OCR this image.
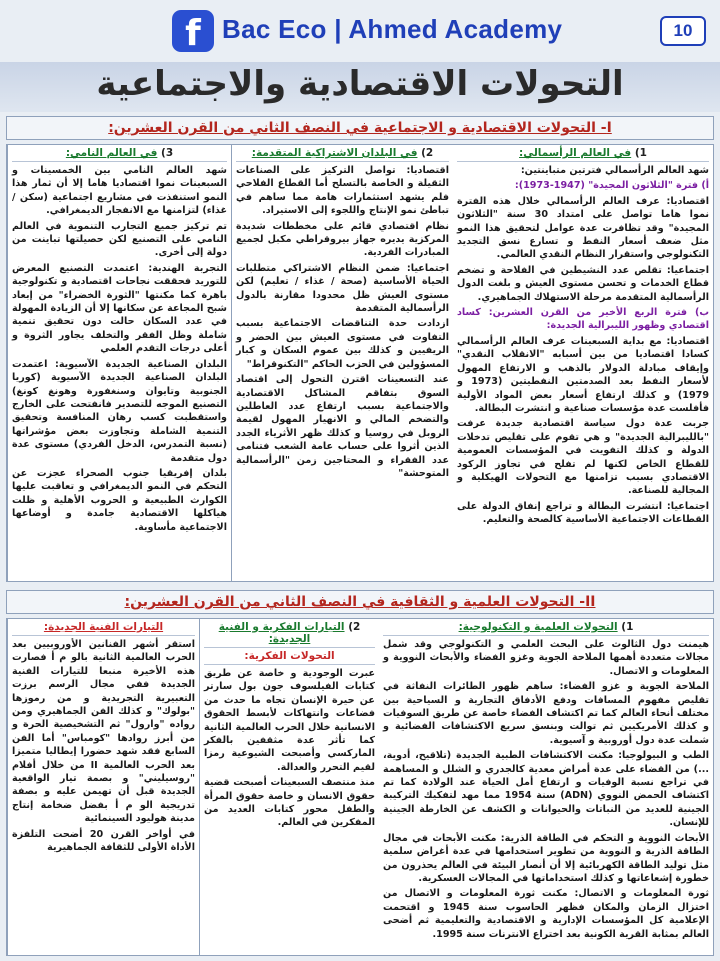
f Bac Eco | Ahmed Academy	10
التحولات الاقتصادية والاجتماعية
I- التحولات الاقتصادية و الاجتماعية في النصف الثاني من القرن العشرين:
1) في العالم الرأسمالي:
شهد العالم الرأسمالي فترتين متباينتين:
أ) فترة "الثلاثون المجيدة" (1947-1973):
اقتصاديا: عرف العالم الرأسمالي خلال هذه الفترة نموا هاما تواصل على امتداد 30 سنة "الثلاثون المجيدة" وقد تظافرت عدة عوامل لتحقيق هذا النمو مثل ضعف أسعار النفط و تسارع نسق التجديد التكنولوجي واستقرار النظام النقدي العالمي.
اجتماعيا: تقلص عدد النشيطين في الفلاحة و تضخم قطاع الخدمات و تحسن مستوى العيش و بلغت الدول الرأسمالية المتقدمة مرحلة الاستهلاك الجماهيري.
ب) فترة الربع الأخير من القرن العشرين: كساد اقتصادي وظهور الليبرالية الجديدة:
اقتصاديا: مع بداية السبعينات عرف العالم الرأسمالي كسادا اقتصاديا من بين أسبابه "الانقلاب النقدي" وإيقاف مبادلة الدولار بالذهب و الارتفاع المهول لأسعار النفط بعد الصدمتين النفطيتين (1973 و 1979) و كذلك ارتفاع أسعار بعض المواد الأولية فأفلست عدة مؤسسات صناعية و انتشرت البطالة.
جربت عدة دول سياسة اقتصادية جديدة عرفت "بالليبرالية الجديدة" و هي تقوم على تقليص تدخلات الدولة و كذلك التفويت في المؤسسات العمومية للقطاع الخاص لكنها لم تفلح في تجاوز الركود الاقتصادي بسبب تزامنها مع التحولات الهيكلية و المجالية للصناعة.
اجتماعيا: انتشرت البطالة و تراجع إنفاق الدولة على القطاعات الاجتماعية الأساسية كالصحة والتعليم.
2) في البلدان الاشتراكية المتقدمة:
اقتصاديا: تواصل التركيز على الصناعات الثقيلة و الخاصة بالتسلح أما القطاع الفلاحي فلم يشهد استثمارات هامة مما ساهم في تباطئ نمو الإنتاج واللجوء إلى الاستيراد.
نظام اقتصادي قائم على مخططات شديدة المركزية يديره جهاز بيروقراطي مكبل لجميع المبادرات الفردية.
اجتماعيا: ضمن النظام الاشتراكي متطلبات الحياة الأساسية (صحة / غذاء / تعليم) لكن مستوى العيش ظل محدودا مقارنة بالدول الرأسمالية المتقدمة
ازدادت حدة التناقضات الاجتماعية بسبب التفاوت في مستوى العيش بين الحضر و الريفيين و كذلك بين عموم السكان و كبار المسؤولين في الحزب الحاكم "التكنوقراط"
عند التسعينات اقترن التحول إلى اقتصاد السوق بتفاقم المشاكل الاقتصادية والاجتماعية بسبب ارتفاع عدد العاطلين والتضخم المالي و الانهيار المهول لقيمة الروبل في روسيا و كذلك ظهر الأثرياء الجدد الذين أثروا على حساب عامة الشعب فتنامى عدد الفقراء و المحتاجين زمن "الرأسمالية المتوحشة"
3) في العالم النامي:
شهد العالم النامي بين الخمسينات و السبعينات نموا اقتصاديا هاما إلا أن ثمار هذا النمو استنفذت في مشاريع اجتماعية (سكن / غذاء) لتزامنها مع الانفجار الديمغرافي.
تم تركيز جميع التجارب التنموية في العالم النامي على التصنيع لكن حصيلتها تباينت من دولة إلى أخرى.
التجربة الهندية: اعتمدت التصنيع المعرض للتوريد فحققت نجاحات اقتصادية و تكنولوجية باهرة كما مكنتها "الثورة الخضراء" من إبعاد شبح المجاعة عن سكانها إلا أن الزيادة المهولة في عدد السكان حالت دون تحقيق تنمية شاملة وظل الفقر والتخلف يجاور الثروة و أعلى درجات التقدم العلمي
البلدان الصناعية الجديدة الآسيوية: اعتمدت البلدان الصناعية الجديدة الآسيوية (كوريا الجنوبية وتايوان وسنغفورة وهونغ كونغ) التصنيع الموجه للتصدير فانفتحت على الخارج واستقطبت كسب رهان المنافسة وتحقيق التنمية الشاملة وتجاوزت بعض مؤشراتها (نسبة التمدرس، الدخل الفردي) مستوى عدة دول متقدمة
بلدان إفريقيا جنوب الصحراء عجزت عن التحكم في النمو الديمغرافي و تعاقبت عليها الكوارث الطبيعية و الحروب الأهلية و ظلت هياكلها الاقتصادية جامدة و أوضاعها الاجتماعية مأساوية.
II- التحولات العلمية و الثقافية في النصف الثاني من القرن العشرين:
1) التحولات العلمية و التكنولوجية:
هيمنت دول الثالوث على البحث العلمي و التكنولوجي وقد شمل مجالات متعددة أهمها الملاحة الجوية وغزو الفضاء والأبحاث النووية و المعلومات و الاتصال.
الملاحة الجوية و غزو الفضاء: ساهم ظهور الطائرات النفاثة في تقليص مفهوم المسافات ودفع الأدفاق التجارية و السياحية بين مختلف أنحاء العالم كما تم اكتشاف الفضاء خاصة عن طريق السوفيات و كذلك الأمريكيين ثم توالت وبنسق سريع الاكتشافات الفضائية و شملت عدة دول أوروبية و آسيوية.
الطب و البيولوجيا: مكنت الاكتشافات الطبية الجديدة (تلاقيح، أدوية، ...) من القضاء على عدة أمراض معدية كالجدري و الشلل و المساهمة في تراجع نسبة الوفيات و ارتفاع أمل الحياة عند الولادة كما تم اكتشاف الحمض النووي (ADN) سنة 1954 مما مهد لتفكيك التركيبة الجينية للعديد من النباتات والحيوانات و الكشف عن الخارطة الجينية للإنسان.
الأبحاث النووية و التحكم في الطاقة الذرية: مكنت الأبحاث في مجال الطاقة الذرية و النووية من تطوير استخدامها في عدة أغراض سلمية مثل توليد الطاقة الكهربائية إلا أن أنصار البيئة في العالم يحذرون من خطورة إشعاعاتها و كذلك استخداماتها في المجالات العسكرية.
ثورة المعلومات و الاتصال: مكنت ثورة المعلومات و الاتصال من اختزال الزمان والمكان فظهر الحاسوب سنة 1945 و اقتحمت الإعلامية كل المؤسسات الإدارية و الاقتصادية والتعليمية ثم أضحى العالم بمثابة القرية الكونية بعد اختراع الانترنات سنة 1995.
2) التيارات الفكرية و الفنية الجديدة:
التحولات الفكرية:
عبرت الوجودية و خاصة عن طريق كتابات الفيلسوف جون بول سارتر عن حيرة الإنسان تجاه ما حدث من فضاعات وانتهاكات لأبسط الحقوق الانسانية خلال الحرب العالمية الثانية كما تأثر عدة مثقفين بالفكر الماركسي وأصبحت الشيوعية رمزا لقيم التحرر والعدالة.
منذ منتصف السبعينات أصبحت قضية حقوق الانسان و خاصة حقوق المرأة والطفل محور كتابات العديد من المفكرين في العالم.
التيارات الفنية الجديدة:
استقر أشهر الفنانين الأوروبيين بعد الحرب العالمية الثانية بالو م أ فصارت هذه الأخيرة منبعا للتيارات الفنية الجديدة ففي مجال الرسم برزت التعبيرية التجريدية و من رموزها "بولوك" و كذلك الفن الجماهيري ومن رواده "وارول" ثم التشخيصية الحرة و من أبرز روادها "كومباس" أما الفن السابع فقد شهد حضورا إيطاليا متميزا بعد الحرب العالمية II من خلال أفلام "روسيليني" و بصمة تيار الواقعية الجديدة قبل أن تهيمن عليه و بصفة تدريجية الو م أ بفضل ضخامة إنتاج مدينة هوليود السينمائية
في أواخر القرن 20 أضحت التلفزة الأداة الأولى للثقافة الجماهيرية
